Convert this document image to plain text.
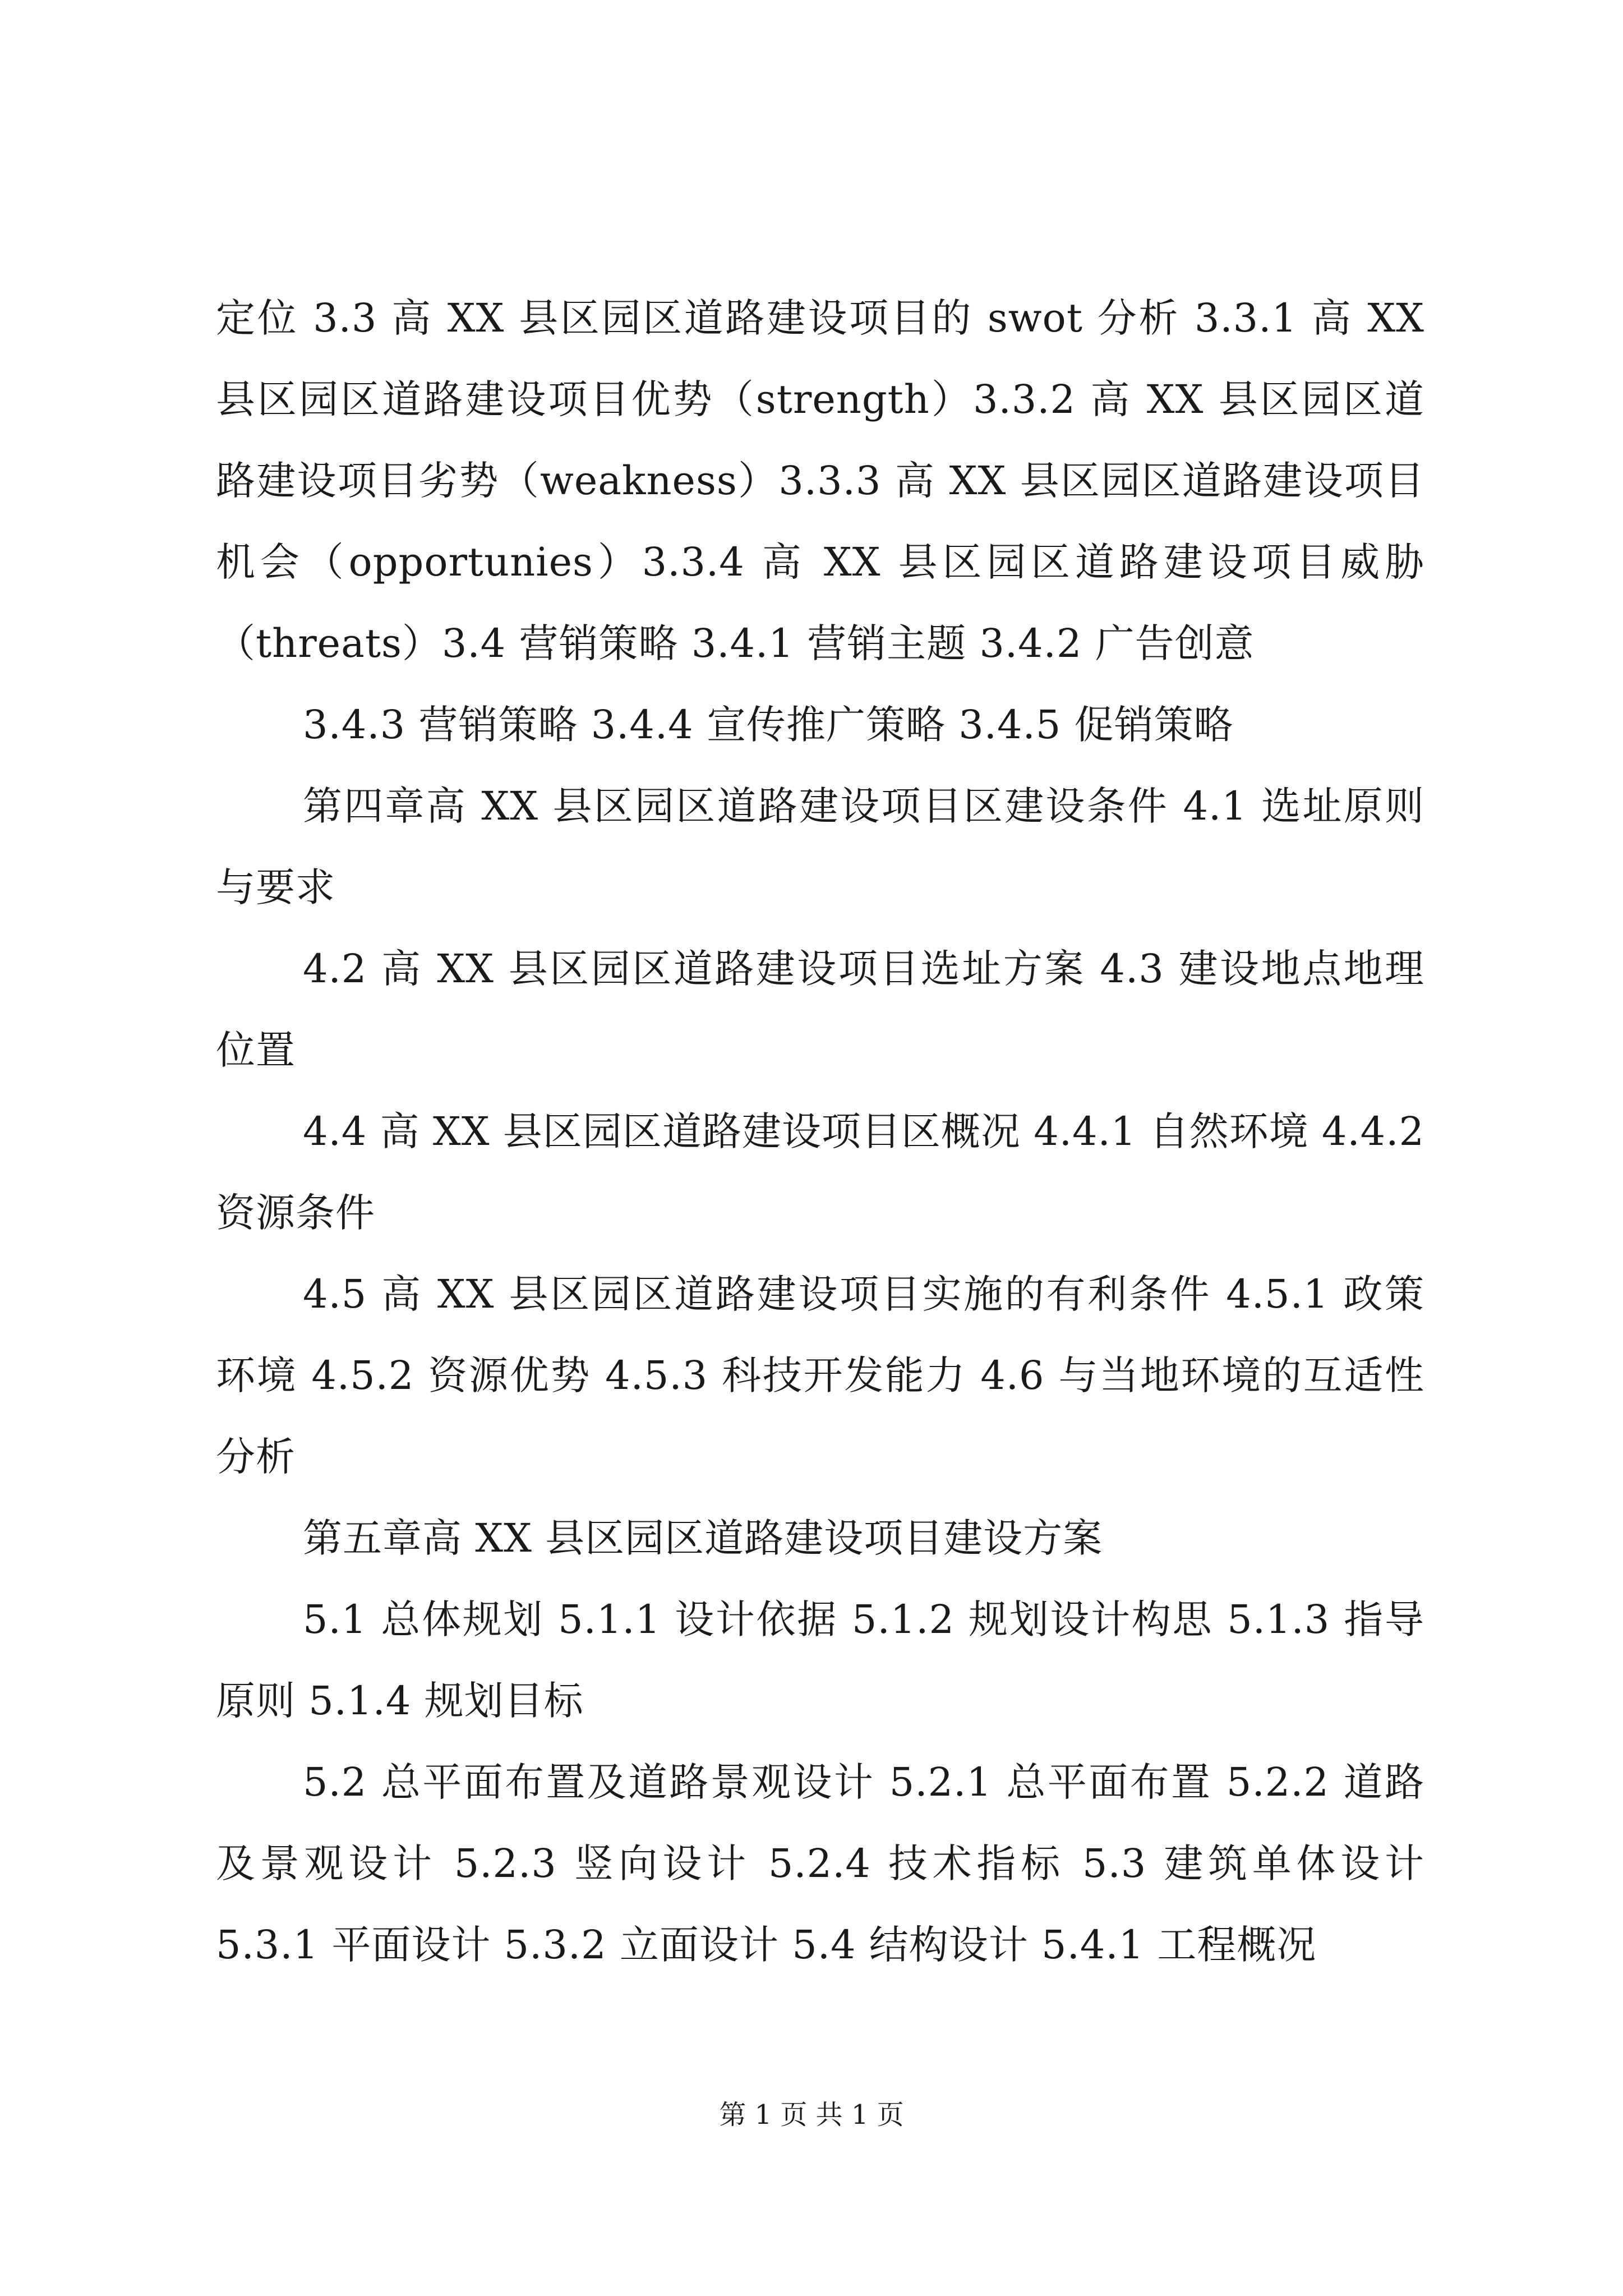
定位 3.3 高 XX 县区园区道路建设项目的 swot 分析 3.3.1 高 XX 县区园区道路建设项目优势（strength）3.3.2 高 XX 县区园区道路建设项目劣势（weakness）3.3.3 高 XX 县区园区道路建设项目机会（opportunies）3.3.4 高 XX 县区园区道路建设项目威胁（threats）3.4 营销策略 3.4.1 营销主题 3.4.2 广告创意

3.4.3 营销策略 3.4.4 宣传推广策略 3.4.5 促销策略

第四章高 XX 县区园区道路建设项目区建设条件 4.1 选址原则与要求

4.2 高 XX 县区园区道路建设项目选址方案 4.3 建设地点地理位置

4.4 高 XX 县区园区道路建设项目区概况 4.4.1 自然环境 4.4.2 资源条件

4.5 高 XX 县区园区道路建设项目实施的有利条件 4.5.1 政策环境 4.5.2 资源优势 4.5.3 科技开发能力 4.6 与当地环境的互适性分析

第五章高 XX 县区园区道路建设项目建设方案

5.1 总体规划 5.1.1 设计依据 5.1.2 规划设计构思 5.1.3 指导原则 5.1.4 规划目标

5.2 总平面布置及道路景观设计 5.2.1 总平面布置 5.2.2 道路及景观设计 5.2.3 竖向设计 5.2.4 技术指标 5.3 建筑单体设计 5.3.1 平面设计 5.3.2 立面设计 5.4 结构设计 5.4.1 工程概况

第 1 页 共 1 页
